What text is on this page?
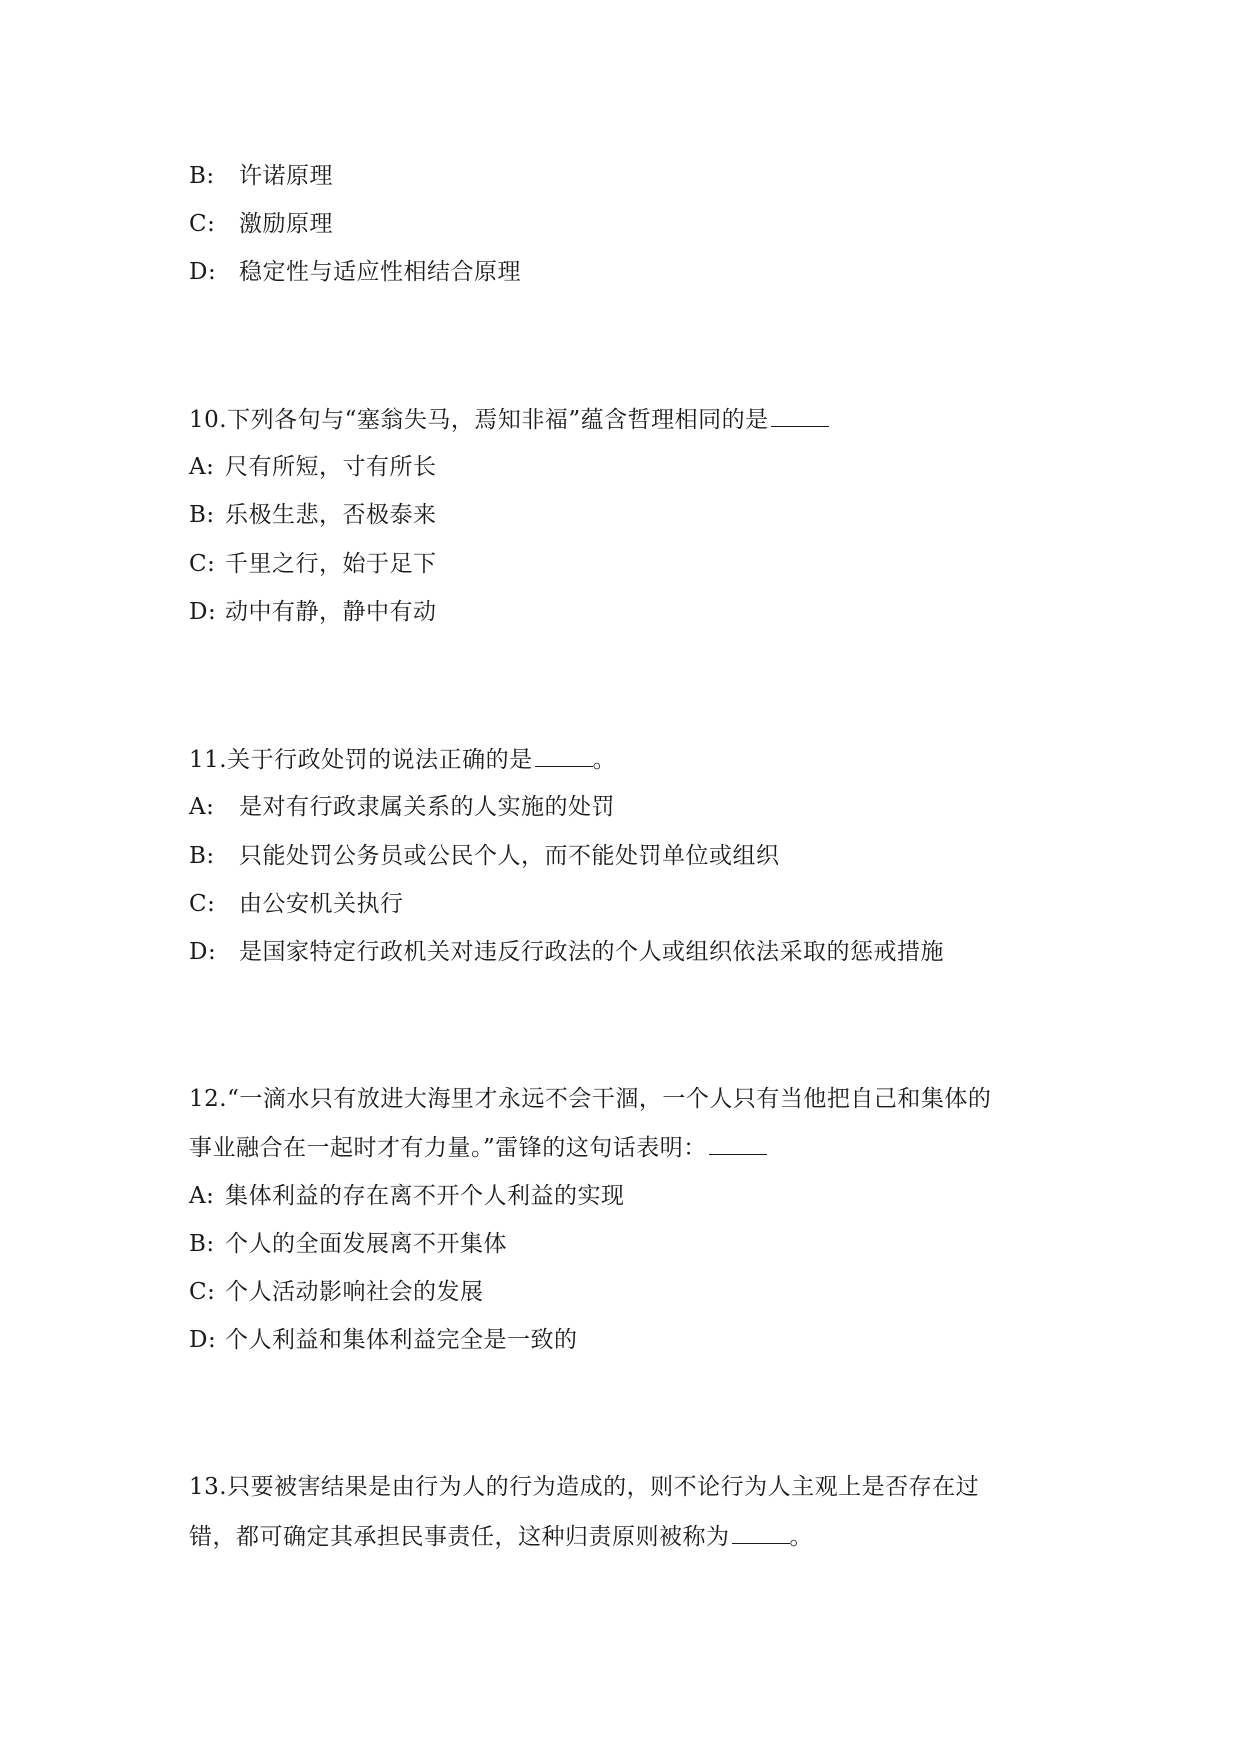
B: 许诺原理
C: 激励原理
D: 稳定性与适应性相结合原理
10.下列各句与“塞翁失马，焉知非福”蕴含哲理相同的是
A: 尺有所短，寸有所长
B: 乐极生悲，否极泰来
C: 千里之行，始于足下
D: 动中有静，静中有动
11.关于行政处罚的说法正确的是	。
A: 是对有行政隶属关系的人实施的处罚
B: 只能处罚公务员或公民个人，而不能处罚单位或组织
C: 由公安机关执行
D: 是国家特定行政机关对违反行政法的个人或组织依法采取的惩戒措施
12.“一滴水只有放进大海里才永远不会干涸，一个人只有当他把自己和集体的
事业融合在一起时才有力量。”雷锋的这句话表明：
A: 集体利益的存在离不开个人利益的实现
B: 个人的全面发展离不开集体
C: 个人活动影响社会的发展
D: 个人利益和集体利益完全是一致的
13.只要被害结果是由行为人的行为造成的，则不论行为人主观上是否存在过
错，都可确定其承担民事责任，这种归责原则被称为	。
